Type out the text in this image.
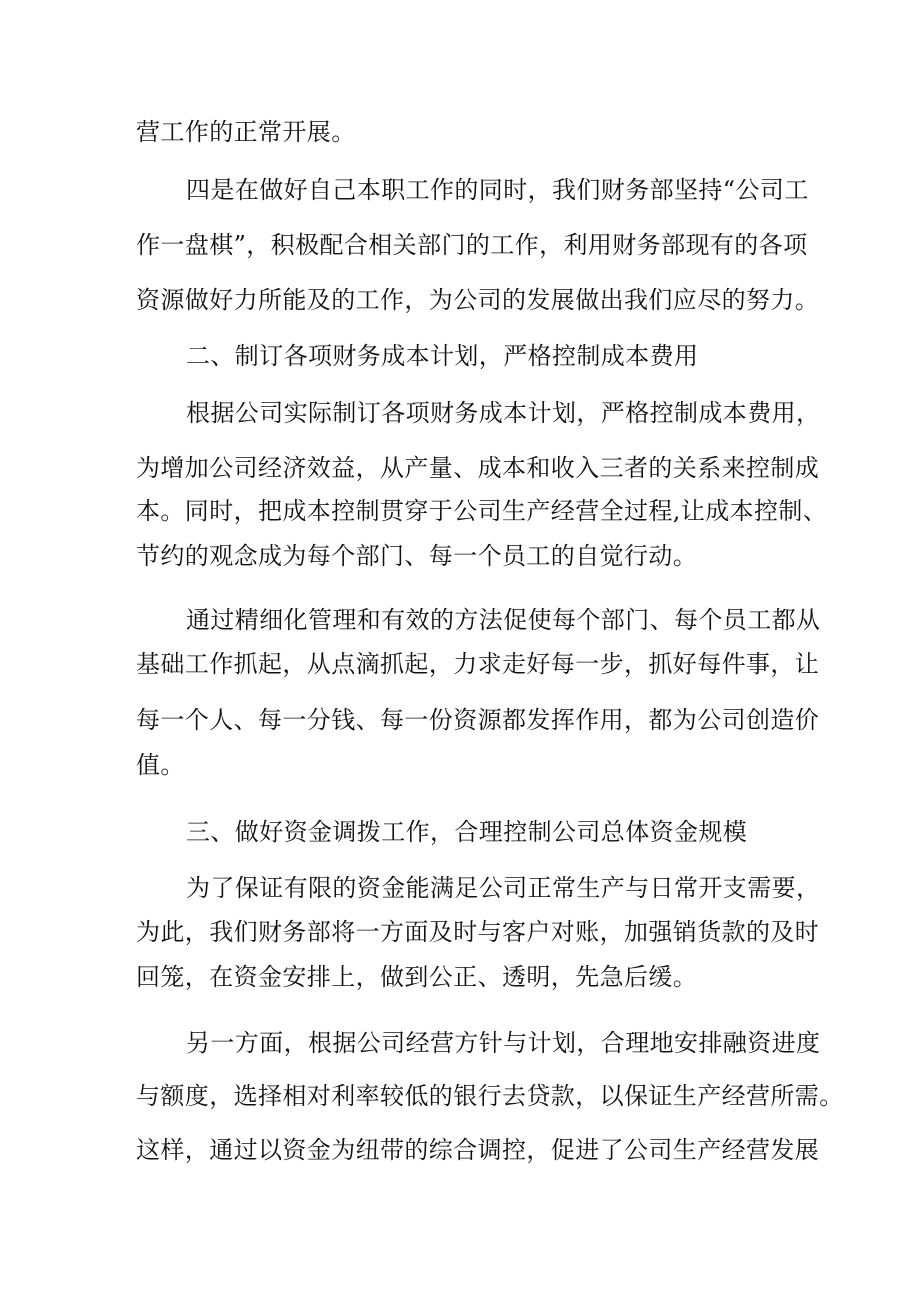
营工作的正常开展。
四是在做好自己本职工作的同时，我们财务部坚持“公司工
作一盘棋”，积极配合相关部门的工作，利用财务部现有的各项
资源做好力所能及的工作，为公司的发展做出我们应尽的努力。
二、制订各项财务成本计划，严格控制成本费用
根据公司实际制订各项财务成本计划，严格控制成本费用，
为增加公司经济效益，从产量、成本和收入三者的关系来控制成
本。同时，把成本控制贯穿于公司生产经营全过程,让成本控制、
节约的观念成为每个部门、每一个员工的自觉行动。
通过精细化管理和有效的方法促使每个部门、每个员工都从
基础工作抓起，从点滴抓起，力求走好每一步，抓好每件事，让
每一个人、每一分钱、每一份资源都发挥作用，都为公司创造价
值。
三、做好资金调拨工作，合理控制公司总体资金规模
为了保证有限的资金能满足公司正常生产与日常开支需要，
为此，我们财务部将一方面及时与客户对账，加强销货款的及时
回笼，在资金安排上，做到公正、透明，先急后缓。
另一方面，根据公司经营方针与计划，合理地安排融资进度
与额度，选择相对利率较低的银行去贷款，以保证生产经营所需。
这样，通过以资金为纽带的综合调控，促进了公司生产经营发展
